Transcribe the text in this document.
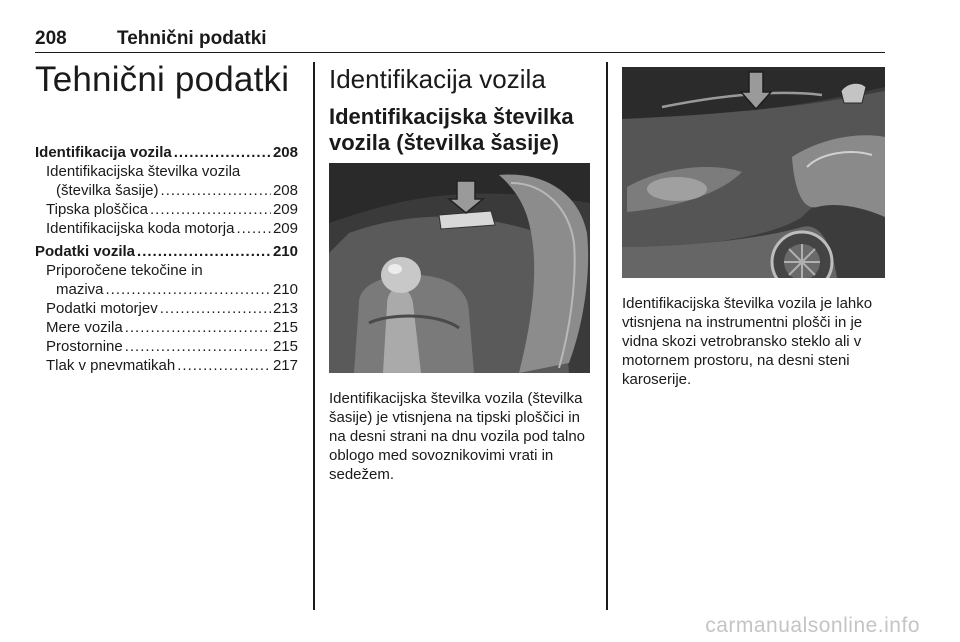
208	Tehnični podatki
Tehnični podatki
Identifikacija vozila .....	208
Identifikacijska številka vozila
(številka šasije) .....	208
Tipska ploščica .....	209
Identifikacijska koda motorja .....	209
Podatki vozila .....	210
Priporočene tekočine in
maziva .....	210
Podatki motorjev .....	213
Mere vozila .....	215
Prostornine .....	215
Tlak v pnevmatikah .....	217
Identifikacija vozila
Identifikacijska številka vozila (številka šasije)

Identifikacijska številka vozila (številka šasije) je vtisnjena na tipski ploščici in na desni strani na dnu vozila pod talno oblogo med sovoznikovimi vrati in sedežem.

Identifikacijska številka vozila je lahko vtisnjena na instrumentni plošči in je vidna skozi vetrobransko steklo ali v motornem prostoru, na desni steni karoserije.

carmanualsonline.info
